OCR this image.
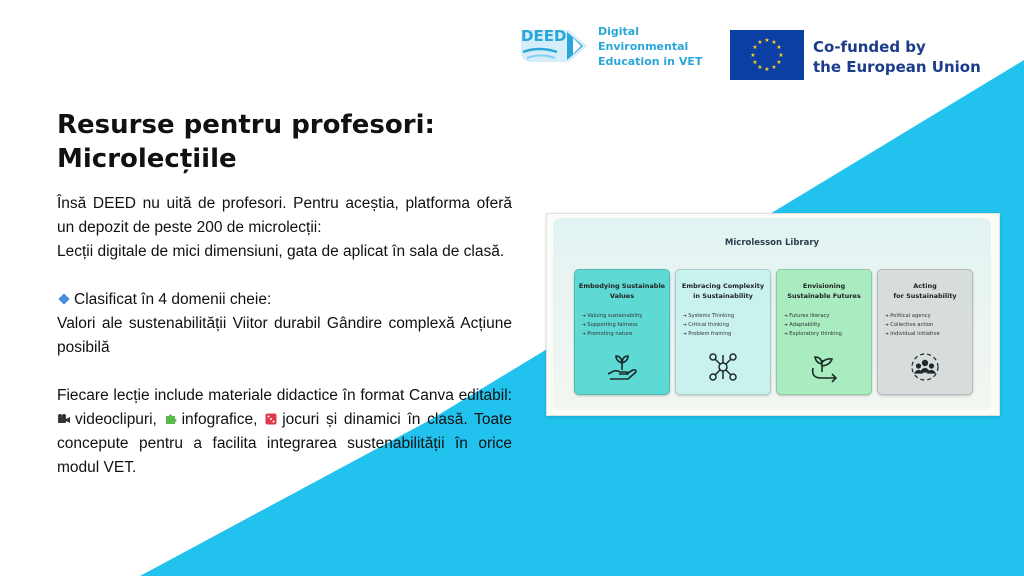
DEED	Digital
Environmental
Education in VET
★ ★
★
★
★
★
★
★
★
★
★
★	Co-funded by
the European Union
Resurse pentru profesori:
Microlecțiile

Însă DEED nu uită de profesori. Pentru aceștia, platforma oferă un depozit de peste 200 de microlecții:

Lecții digitale de mici dimensiuni, gata de aplicat în sala de clasă.

Clasificat în 4 domenii cheie:

Valori ale sustenabilității Viitor durabil Gândire complexă Acțiune posibilă

Fiecare lecție include materiale didactice în format Canva editabil: videoclipuri, infografice, jocuri și dinamici în clasă. Toate concepute pentru a facilita integrarea sustenabilității în orice modul VET.

Microlesson Library
Embodying Sustainable
Values
➔ Valuing sustainability
➔ Supporting fairness
➔ Promoting nature
Embracing Complexity
in Sustainability
➔ Systems Thinking
➔ Critical thinking
➔ Problem framing
Envisioning
Sustainable Futures
➔ Futures literacy
➔ Adaptability
➔ Exploratory thinking
Acting
for Sustainability
➔ Political agency
➔ Collective action
➔ Individual initiative
